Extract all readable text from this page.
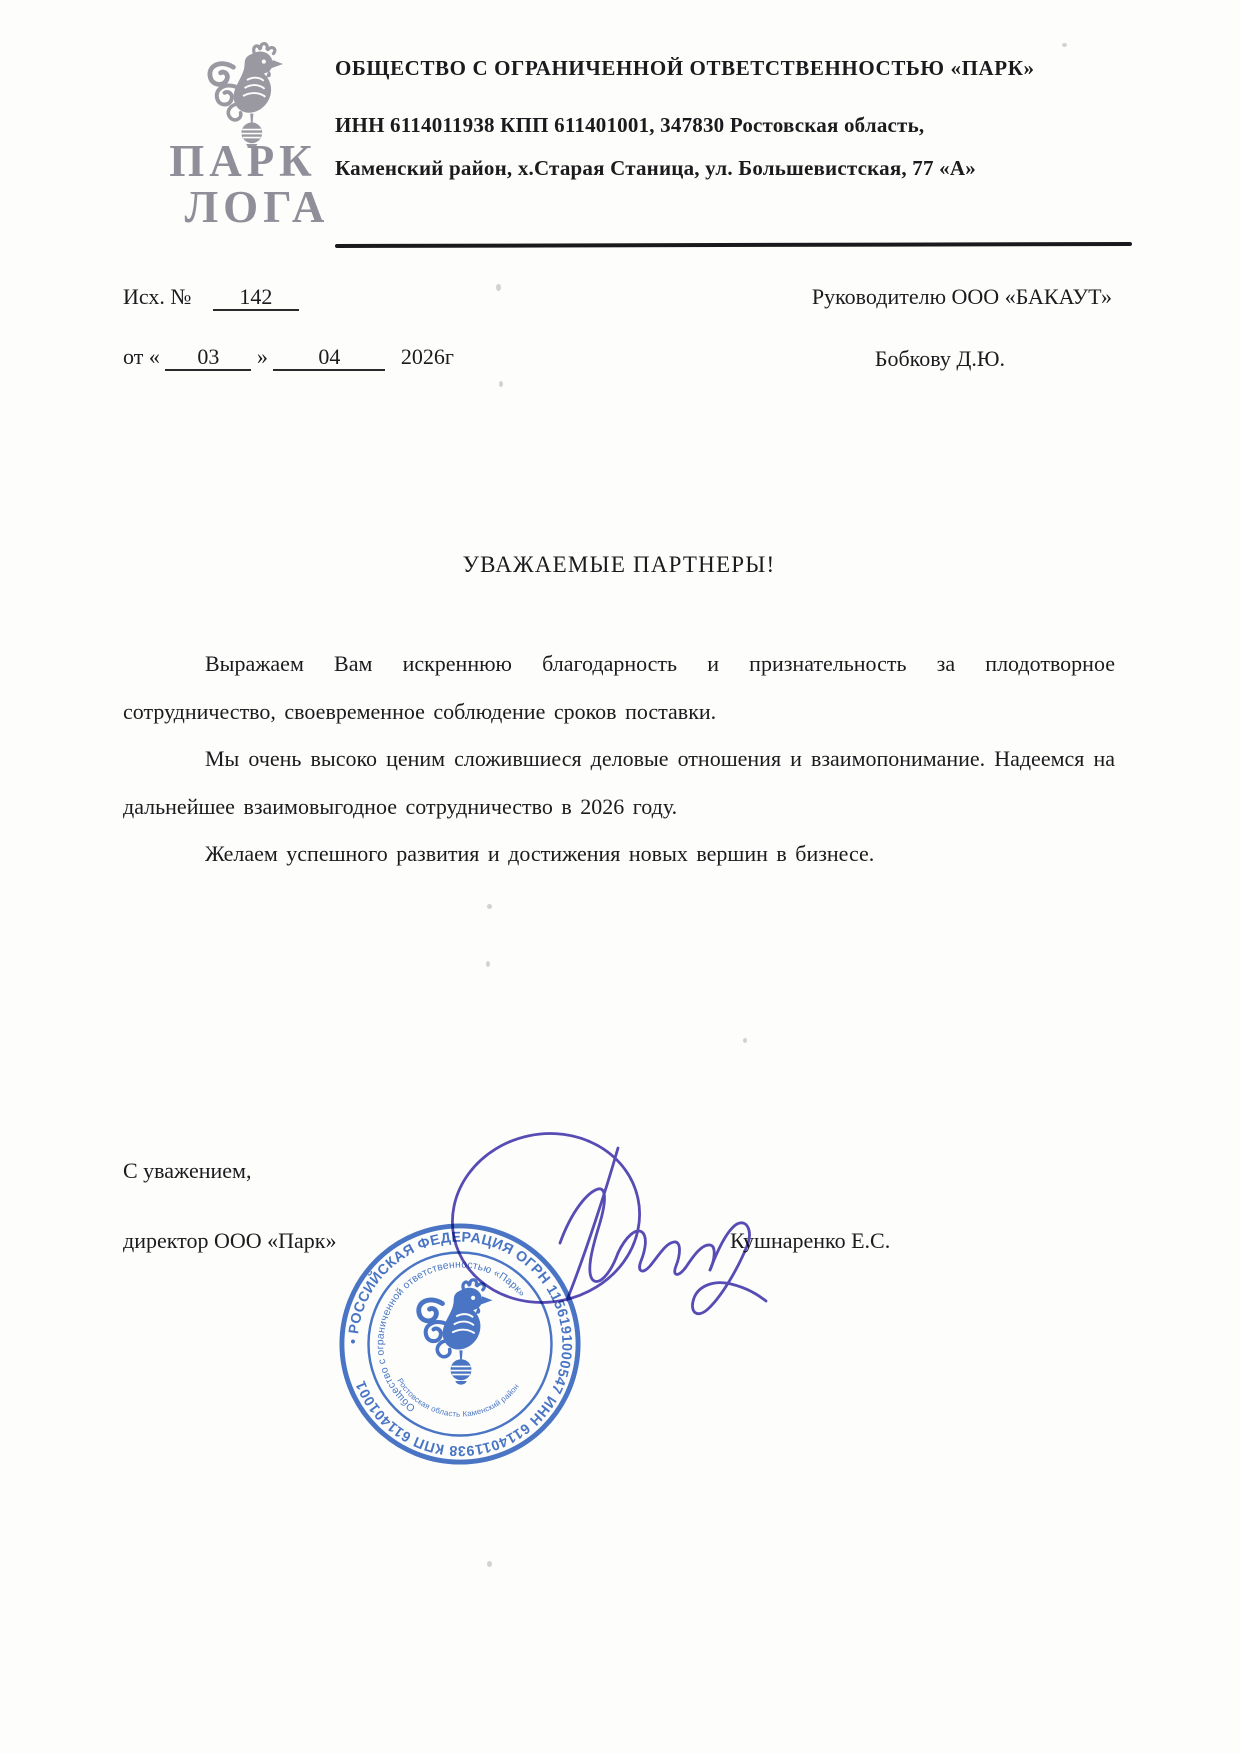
ПАРК
ЛОГА
ОБЩЕСТВО С ОГРАНИЧЕННОЙ ОТВЕТСТВЕННОСТЬЮ «ПАРК»
ИНН 6114011938 КПП 611401001, 347830 Ростовская область,
Каменский район, х.Старая Станица, ул. Большевистская, 77 «А»
Исх. № 142
от « 03 » 04	2026г
Руководителю ООО «БАКАУТ»
Бобкову Д.Ю.
УВАЖАЕМЫЕ ПАРТНЕРЫ!

Выражаем Вам искреннюю благодарность и признательность за плодотворное сотрудничество, своевременное соблюдение сроков поставки.

Мы очень высоко ценим сложившиеся деловые отношения и взаимопонимание. Надеемся на дальнейшее взаимовыгодное сотрудничество в 2026 году.

Желаем успешного развития и достижения новых вершин в бизнесе.

С уважением,
директор ООО «Парк»	Кушнаренко Е.С.
• РОССИЙСКАЯ ФЕДЕРАЦИЯ ОГРН 1156191000547 ИНН 6114011938 КПП 611401001
Общество с ограниченной ответственностью «Парк»
Ростовская область Каменский район
